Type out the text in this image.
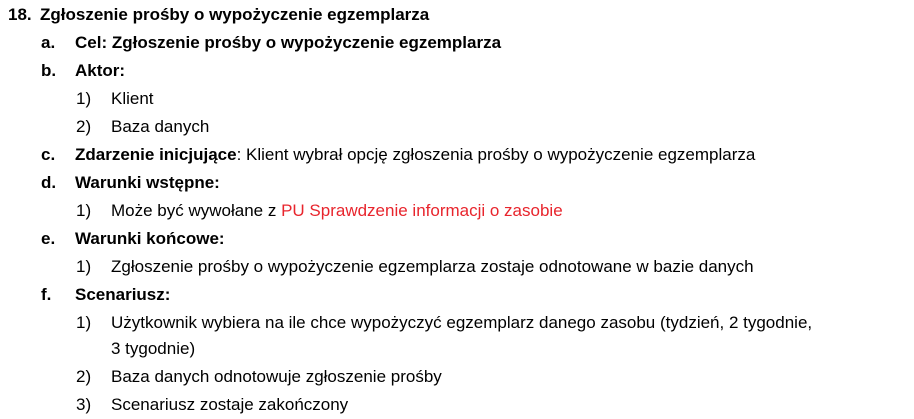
18. Zgłoszenie prośby o wypożyczenie egzemplarza
a. Cel: Zgłoszenie prośby o wypożyczenie egzemplarza
b. Aktor:
1) Klient
2) Baza danych
c. Zdarzenie inicjujące: Klient wybrał opcję zgłoszenia prośby o wypożyczenie egzemplarza
d. Warunki wstępne:
1) Może być wywołane z PU Sprawdzenie informacji o zasobie
e. Warunki końcowe:
1) Zgłoszenie prośby o wypożyczenie egzemplarza zostaje odnotowane w bazie danych
f. Scenariusz:
1) Użytkownik wybiera na ile chce wypożyczyć egzemplarz danego zasobu (tydzień, 2 tygodnie,
3 tygodnie)
2) Baza danych odnotowuje zgłoszenie prośby
3) Scenariusz zostaje zakończony
